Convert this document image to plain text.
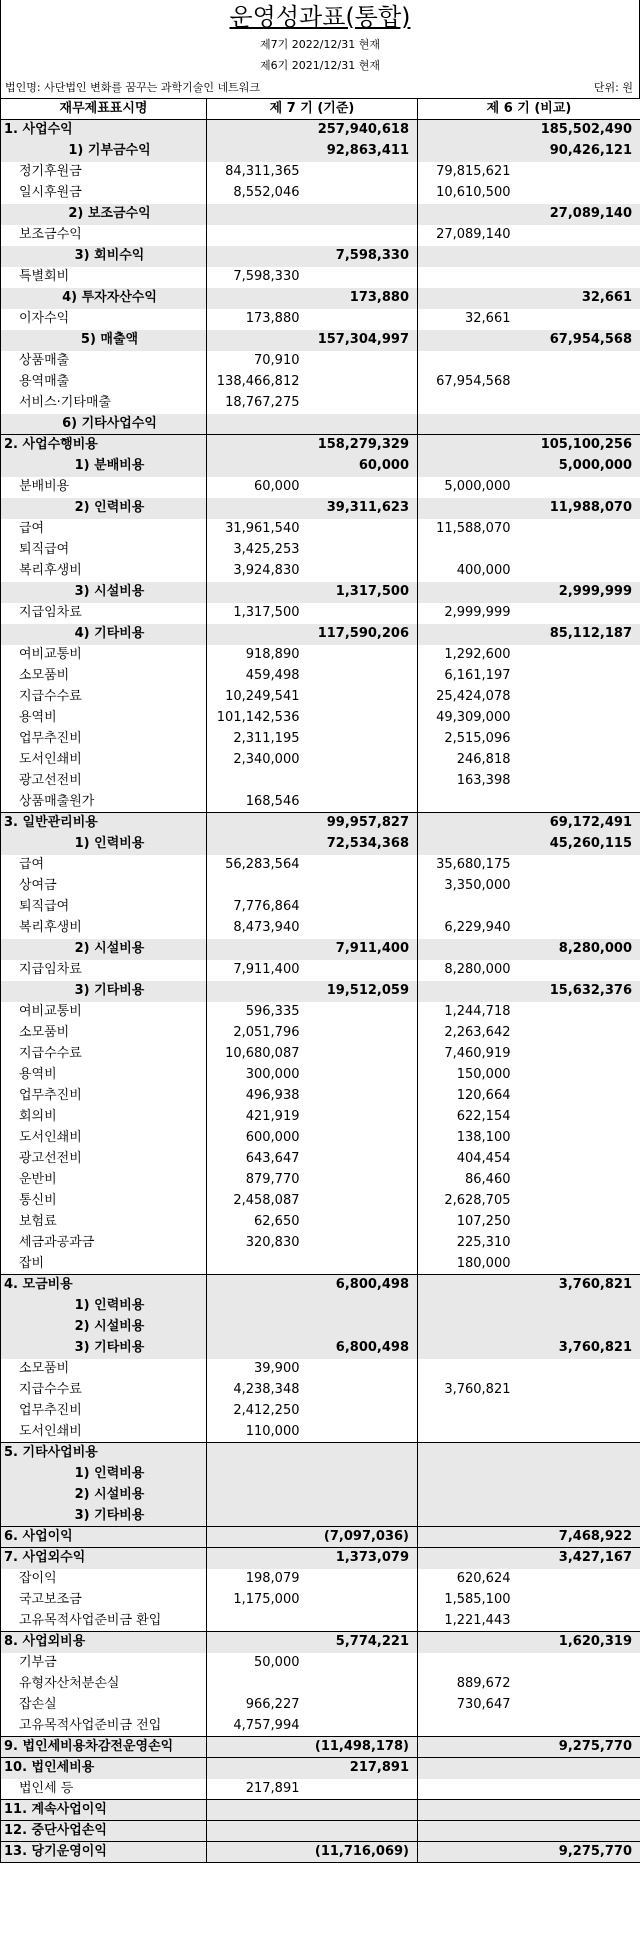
운영성과표(통합)
제7기 2022/12/31 현재
제6기 2021/12/31 현재
법인명: 사단법인 변화를 꿈꾸는 과학기술인 네트워크	단위: 원
재무제표표시명	제 7 기 (기준)		제 6 기 (비교)	
1. 사업수익		257,940,618		185,502,490
1) 기부금수익		92,863,411		90,426,121
정기후원금	84,311,365		79,815,621	
일시후원금	8,552,046		10,610,500	
2) 보조금수익				27,089,140
보조금수익			27,089,140	
3) 회비수익		7,598,330		
특별회비	7,598,330			
4) 투자자산수익		173,880		32,661
이자수익	173,880		32,661	
5) 매출액		157,304,997		67,954,568
상품매출	70,910			
용역매출	138,466,812		67,954,568	
서비스·기타매출	18,767,275			
6) 기타사업수익				
2. 사업수행비용		158,279,329		105,100,256
1) 분배비용		60,000		5,000,000
분배비용	60,000		5,000,000	
2) 인력비용		39,311,623		11,988,070
급여	31,961,540		11,588,070	
퇴직급여	3,425,253			
복리후생비	3,924,830		400,000	
3) 시설비용		1,317,500		2,999,999
지급임차료	1,317,500		2,999,999	
4) 기타비용		117,590,206		85,112,187
여비교통비	918,890		1,292,600	
소모품비	459,498		6,161,197	
지급수수료	10,249,541		25,424,078	
용역비	101,142,536		49,309,000	
업무추진비	2,311,195		2,515,096	
도서인쇄비	2,340,000		246,818	
광고선전비			163,398	
상품매출원가	168,546			
3. 일반관리비용		99,957,827		69,172,491
1) 인력비용		72,534,368		45,260,115
급여	56,283,564		35,680,175	
상여금			3,350,000	
퇴직급여	7,776,864			
복리후생비	8,473,940		6,229,940	
2) 시설비용		7,911,400		8,280,000
지급임차료	7,911,400		8,280,000	
3) 기타비용		19,512,059		15,632,376
여비교통비	596,335		1,244,718	
소모품비	2,051,796		2,263,642	
지급수수료	10,680,087		7,460,919	
용역비	300,000		150,000	
업무추진비	496,938		120,664	
회의비	421,919		622,154	
도서인쇄비	600,000		138,100	
광고선전비	643,647		404,454	
운반비	879,770		86,460	
통신비	2,458,087		2,628,705	
보험료	62,650		107,250	
세금과공과금	320,830		225,310	
잡비			180,000	
4. 모금비용		6,800,498		3,760,821
1) 인력비용				
2) 시설비용				
3) 기타비용		6,800,498		3,760,821
소모품비	39,900			
지급수수료	4,238,348		3,760,821	
업무추진비	2,412,250			
도서인쇄비	110,000			
5. 기타사업비용				
1) 인력비용				
2) 시설비용				
3) 기타비용				
6. 사업이익		(7,097,036)		7,468,922
7. 사업외수익		1,373,079		3,427,167
잡이익	198,079		620,624	
국고보조금	1,175,000		1,585,100	
고유목적사업준비금 환입			1,221,443	
8. 사업외비용		5,774,221		1,620,319
기부금	50,000			
유형자산처분손실			889,672	
잡손실	966,227		730,647	
고유목적사업준비금 전입	4,757,994			
9. 법인세비용차감전운영손익		(11,498,178)		9,275,770
10. 법인세비용		217,891		
법인세 등	217,891			
11. 계속사업이익				
12. 중단사업손익				
13. 당기운영이익		(11,716,069)		9,275,770
